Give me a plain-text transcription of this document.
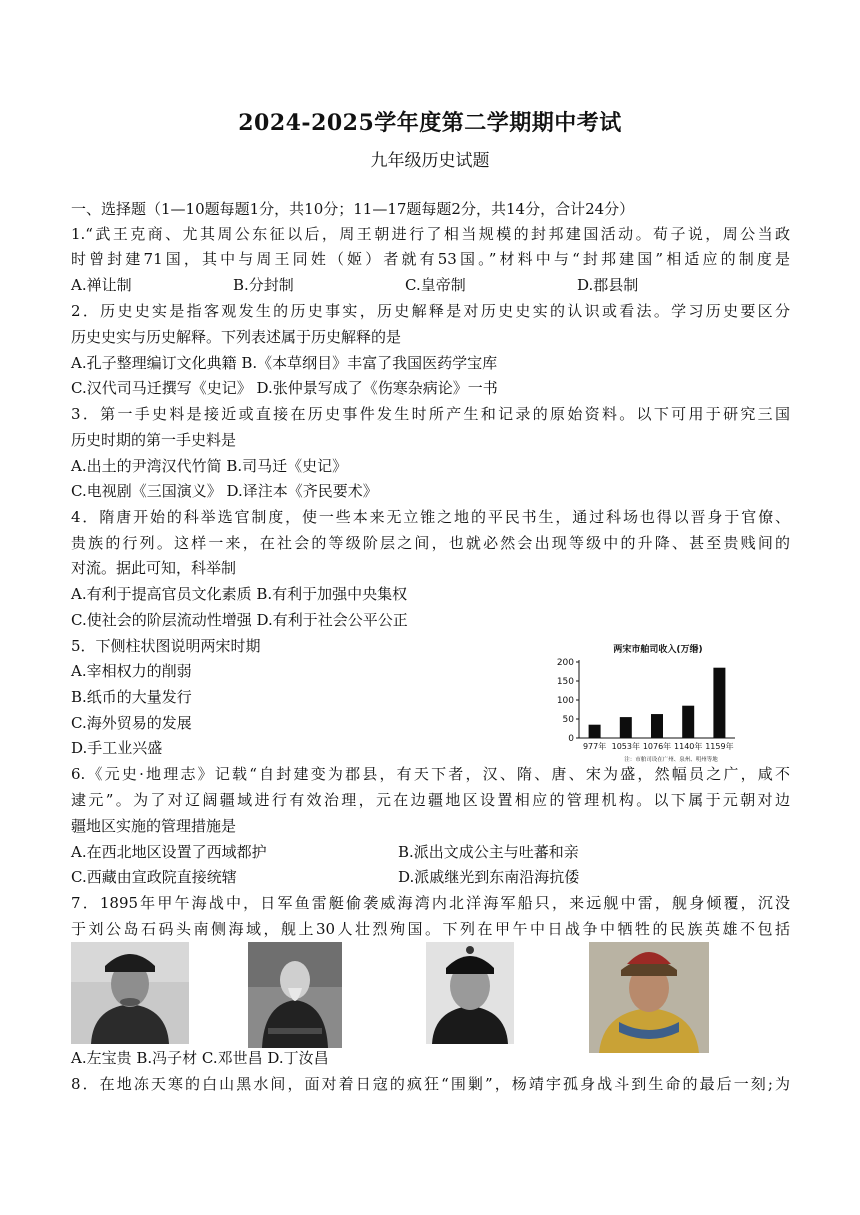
2024-2025学年度第二学期期中考试
九年级历史试题
一、选择题（1—10题每题1分，共10分；11—17题每题2分，共14分，合计24分）
1.“武王克商、尤其周公东征以后，周王朝进行了相当规模的封邦建国活动。荀子说，周公当政
时曾封建71国，其中与周王同姓（姬）者就有53国。”材料中与“封邦建国”相适应的制度是
A.禅让制	B.分封制	C.皇帝制	D.郡县制
2．历史史实是指客观发生的历史事实，历史解释是对历史史实的认识或看法。学习历史要区分
历史史实与历史解释。下列表述属于历史解释的是
A.孔子整理编订文化典籍 B.《本草纲目》丰富了我国医药学宝库
C.汉代司马迁撰写《史记》 D.张仲景写成了《伤寒杂病论》一书
3．第一手史料是接近或直接在历史事件发生时所产生和记录的原始资料。以下可用于研究三国
历史时期的第一手史料是
A.出土的尹湾汉代竹简 B.司马迁《史记》
C.电视剧《三国演义》 D.译注本《齐民要术》
4．隋唐开始的科举选官制度，使一些本来无立锥之地的平民书生，通过科场也得以晋身于官僚、
贵族的行列。这样一来，在社会的等级阶层之间，也就必然会出现等级中的升降、甚至贵贱间的
对流。据此可知，科举制
A.有利于提高官员文化素质 B.有利于加强中央集权
C.使社会的阶层流动性增强 D.有利于社会公平公正
5．下侧柱状图说明两宋时期
A.宰相权力的削弱
B.纸币的大量发行
C.海外贸易的发展
D.手工业兴盛
两宋市舶司收入(万缗)
注：市舶司设在广州、泉州、明州等地
0
50
100
150
200
977年 1053年 1076年 1140年 1159年
6.《元史·地理志》记载“自封建变为郡县，有天下者，汉、隋、唐、宋为盛，然幅员之广，咸不
逮元”。为了对辽阔疆域进行有效治理，元在边疆地区设置相应的管理机构。以下属于元朝对边
疆地区实施的管理措施是
A.在西北地区设置了西域都护	B.派出文成公主与吐蕃和亲
C.西藏由宣政院直接统辖	D.派戚继光到东南沿海抗倭
7．1895年甲午海战中，日军鱼雷艇偷袭威海湾内北洋海军船只，来远舰中雷，舰身倾覆，沉没
于刘公岛石码头南侧海域，舰上30人壮烈殉国。下列在甲午中日战争中牺牲的民族英雄不包括
A.左宝贵 B.冯子材 C.邓世昌 D.丁汝昌
8．在地冻天寒的白山黑水间，面对着日寇的疯狂“围剿”，杨靖宇孤身战斗到生命的最后一刻;为
